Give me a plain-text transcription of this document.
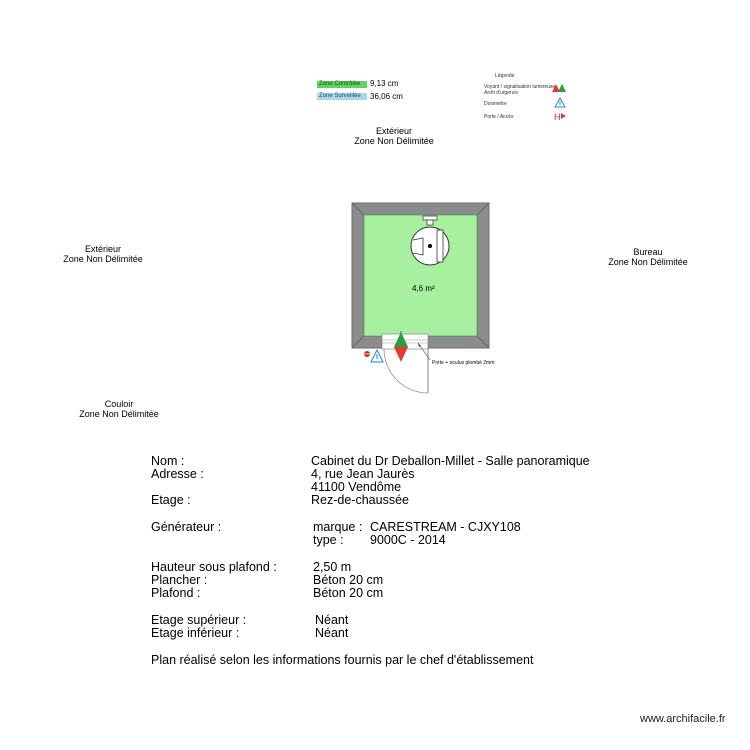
Zone Contrôlée	9,13 cm
Zone Surveillée	36,06 cm
Légende
Voyant / signalisation lumineuse
Arrêt d'urgence
Dosimètre
Porte / Accès	H
4,6 m²
Porte + oculus plombé 2mm
Extérieur
Zone Non Délimitée
Extérieur
Zone Non Délimitée
Bureau
Zone Non Délimitée
Couloir
Zone Non Délimitée
Nom :	Cabinet du Dr Deballon-Millet - Salle panoramique
Adresse :	4, rue Jean Jaurès
41100 Vendôme
Etage :	Rez-de-chaussée
Générateur :	marque : CARESTREAM - CJXY108
type : 9000C - 2014
Hauteur sous plafond :	2,50 m
Plancher :	Béton 20 cm
Plafond :	Béton 20 cm
Etage supérieur :	Néant
Etage inférieur :	Néant
Plan réalisé selon les informations fournis par le chef d'établissement
www.archifacile.fr
